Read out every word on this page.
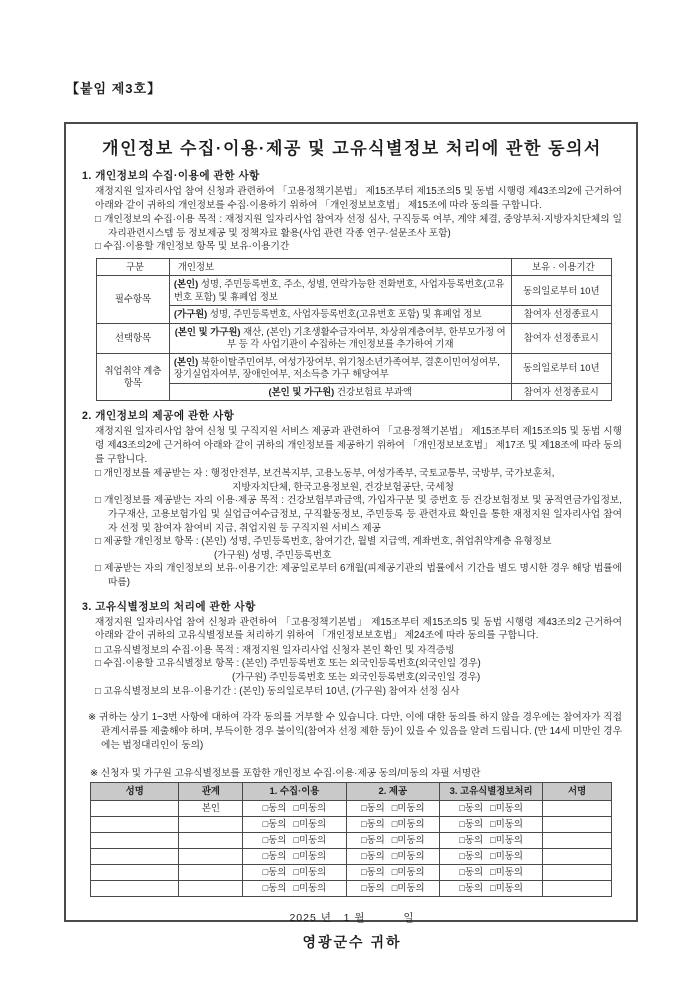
【붙임 제3호】
개인정보 수집·이용·제공 및 고유식별정보 처리에 관한 동의서
1. 개인정보의 수집·이용에 관한 사항
재정지원 일자리사업 참여 신청과 관련하여 「고용정책기본법」 제15조부터 제15조의5 및 동법 시행령 제43조의2에 근거하여 아래와 같이 귀하의 개인정보를 수집·이용하기 위하여 「개인정보보호법」 제15조에 따라 동의를 구합니다.
□ 개인정보의 수집·이용 목적 : 재정지원 일자리사업 참여자 선정 심사, 구직등록 여부, 계약 체결, 중앙부처·지방자치단체의 일자리관련시스템 등 정보제공 및 정책자료 활용(사업 관련 각종 연구·설문조사 포함)
□ 수집·이용할 개인정보 항목 및 보유·이용기간
구분	개인정보	보유 · 이용기간
필수항목	(본인) 성명, 주민등록번호, 주소, 성별, 연락가능한 전화번호, 사업자등록번호(고유번호 포함) 및 휴폐업 정보	동의일로부터 10년
	(가구원) 성명, 주민등록번호, 사업자등록번호(고유번호 포함) 및 휴폐업 정보	참여자 선정종료시
선택항목	(본인 및 가구원) 재산, (본인) 기초생활수급자여부, 차상위계층여부, 한부모가정 여부 등 각 사업기관이 수집하는 개인정보를 추가하여 기재	참여자 선정종료시
취업취약 계층항목	(본인) 북한이탈주민여부, 여성가장여부, 위기청소년가족여부, 결혼이민여성여부, 장기실업자여부, 장애인여부, 저소득층 가구 해당여부	동의일로부터 10년
	(본인 및 가구원) 건강보험료 부과액	참여자 선정종료시
2. 개인정보의 제공에 관한 사항
재정지원 일자리사업 참여 신청 및 구직지원 서비스 제공과 관련하여 「고용정책기본법」 제15조부터 제15조의5 및 동법 시행령 제43조의2에 근거하여 아래와 같이 귀하의 개인정보를 제공하기 위하여 「개인정보보호법」 제17조 및 제18조에 따라 동의를 구합니다.
□ 개인정보를 제공받는 자 : 행정안전부, 보건복지부, 고용노동부, 여성가족부, 국토교통부, 국방부, 국가보훈처,
지방자치단체, 한국고용정보원, 건강보험공단, 국세청
□ 개인정보를 제공받는 자의 이용·제공 목적 : 건강보험부과금액, 가입자구분 및 증번호 등 건강보험정보 및 공적연금가입정보, 가구재산, 고용보험가입 및 실업급여수급정보, 구직활동정보, 주민등록 등 관련자료 확인을 통한 재정지원 일자리사업 참여자 선정 및 참여자 참여비 지급, 취업지원 등 구직지원 서비스 제공
□ 제공할 개인정보 항목 : (본인) 성명, 주민등록번호, 참여기간, 월별 지급액, 계좌번호, 취업취약계층 유형정보
(가구원) 성명, 주민등록번호
□ 제공받는 자의 개인정보의 보유·이용기간: 제공일로부터 6개월(피제공기관의 법률에서 기간을 별도 명시한 경우 해당 법률에 따름)
3. 고유식별정보의 처리에 관한 사항
재정지원 일자리사업 참여 신청과 관련하여 「고용정책기본법」 제15조부터 제15조의5 및 동법 시행령 제43조의2 근거하여 아래와 같이 귀하의 고유식별정보를 처리하기 위하여 「개인정보보호법」 제24조에 따라 동의를 구합니다.
□ 고유식별정보의 수집·이용 목적 : 재정지원 일자리사업 신청자 본인 확인 및 자격증빙
□ 수집·이용할 고유식별정보 항목 : (본인) 주민등록번호 또는 외국인등록번호(외국인일 경우)
(가구원) 주민등록번호 또는 외국인등록번호(외국인일 경우)
□ 고유식별정보의 보유·이용기간 : (본인) 동의일로부터 10년, (가구원) 참여자 선정 심사
※ 귀하는 상기 1~3번 사항에 대하여 각각 동의를 거부할 수 있습니다. 다만, 이에 대한 동의를 하지 않을 경우에는 참여자가 직접 관계서류를 제출해야 하며, 부득이한 경우 불이익(참여자 선정 제한 등)이 있을 수 있음을 알려 드립니다. (만 14세 미만인 경우에는 법정대리인이 동의)
※ 신청자 및 가구원 고유식별정보를 포함한 개인정보 수집·이용·제공 동의/미동의 자필 서명란
성명	관계	1. 수집·이용	2. 제공	3. 고유식별정보처리	서명
	본인	□동의 □미동의	□동의 □미동의	□동의 □미동의	
		□동의 □미동의	□동의 □미동의	□동의 □미동의	
		□동의 □미동의	□동의 □미동의	□동의 □미동의	
		□동의 □미동의	□동의 □미동의	□동의 □미동의	
		□동의 □미동의	□동의 □미동의	□동의 □미동의	
		□동의 □미동의	□동의 □미동의	□동의 □미동의	
2025 년 1 월	일
영광군수 귀하
